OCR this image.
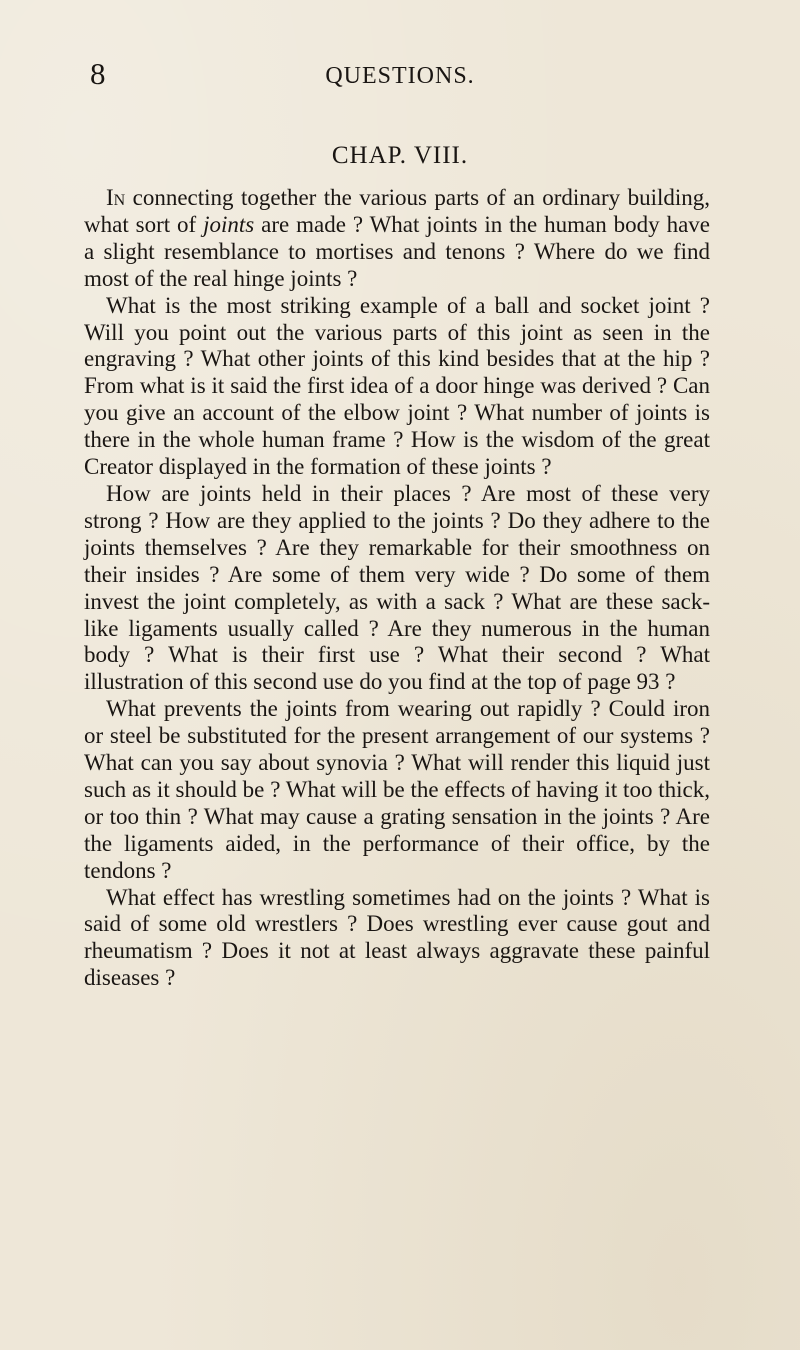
8	QUESTIONS.
CHAP. VIII.

In connecting together the various parts of an ordinary building, what sort of joints are made ? What joints in the human body have a slight resemblance to mortises and tenons ? Where do we find most of the real hinge joints ?

What is the most striking example of a ball and socket joint ? Will you point out the various parts of this joint as seen in the engraving ? What other joints of this kind besides that at the hip ? From what is it said the first idea of a door hinge was derived ? Can you give an account of the elbow joint ? What number of joints is there in the whole human frame ? How is the wisdom of the great Creator displayed in the formation of these joints ?

How are joints held in their places ? Are most of these very strong ? How are they applied to the joints ? Do they adhere to the joints themselves ? Are they remarkable for their smoothness on their insides ? Are some of them very wide ? Do some of them invest the joint completely, as with a sack ? What are these sack-like ligaments usually called ? Are they numerous in the human body ? What is their first use ? What their second ? What illustration of this second use do you find at the top of page 93 ?

What prevents the joints from wearing out rapidly ? Could iron or steel be substituted for the present arrangement of our systems ? What can you say about synovia ? What will render this liquid just such as it should be ? What will be the effects of having it too thick, or too thin ? What may cause a grating sensation in the joints ? Are the ligaments aided, in the performance of their office, by the tendons ?

What effect has wrestling sometimes had on the joints ? What is said of some old wrestlers ? Does wrestling ever cause gout and rheumatism ? Does it not at least always aggravate these painful diseases ?
